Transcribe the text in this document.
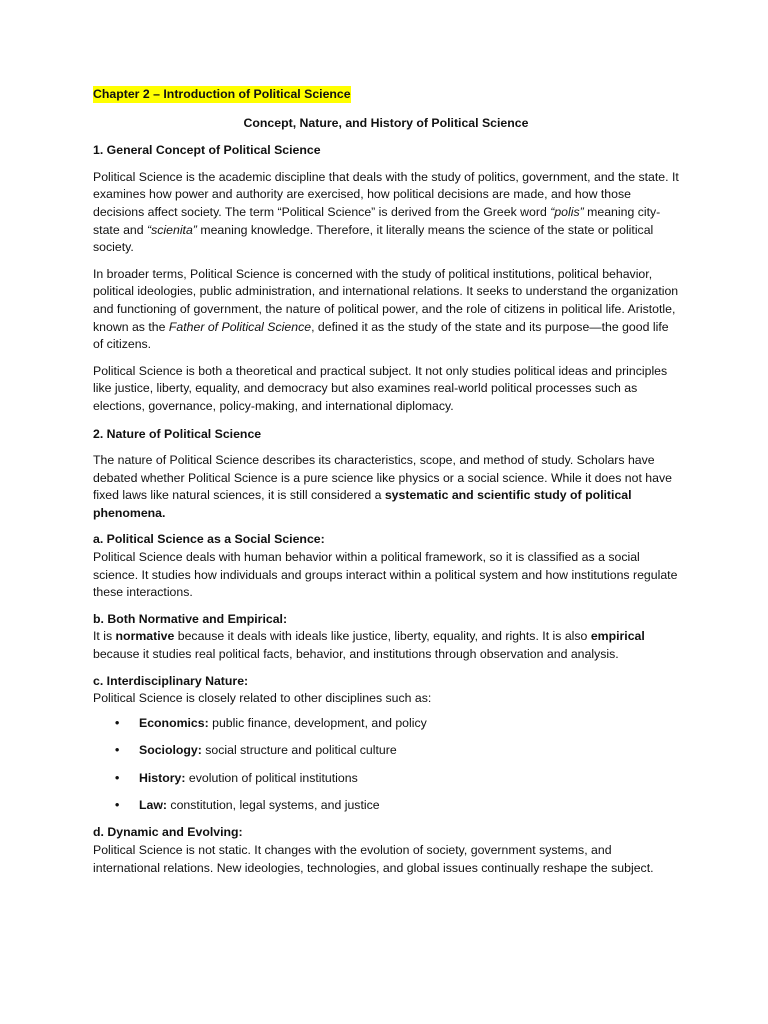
Chapter 2 – Introduction of Political Science
Concept, Nature, and History of Political Science
1. General Concept of Political Science

Political Science is the academic discipline that deals with the study of politics, government, and the state. It examines how power and authority are exercised, how political decisions are made, and how those decisions affect society. The term “Political Science” is derived from the Greek word “polis” meaning city-state and “scienita” meaning knowledge. Therefore, it literally means the science of the state or political society.

In broader terms, Political Science is concerned with the study of political institutions, political behavior, political ideologies, public administration, and international relations. It seeks to understand the organization and functioning of government, the nature of political power, and the role of citizens in political life. Aristotle, known as the Father of Political Science, defined it as the study of the state and its purpose—the good life of citizens.

Political Science is both a theoretical and practical subject. It not only studies political ideas and principles like justice, liberty, equality, and democracy but also examines real-world political processes such as elections, governance, policy-making, and international diplomacy.

2. Nature of Political Science

The nature of Political Science describes its characteristics, scope, and method of study. Scholars have debated whether Political Science is a pure science like physics or a social science. While it does not have fixed laws like natural sciences, it is still considered a systematic and scientific study of political phenomena.

a. Political Science as a Social Science:
Political Science deals with human behavior within a political framework, so it is classified as a social science. It studies how individuals and groups interact within a political system and how institutions regulate these interactions.
b. Both Normative and Empirical:
It is normative because it deals with ideals like justice, liberty, equality, and rights. It is also empirical because it studies real political facts, behavior, and institutions through observation and analysis.
c. Interdisciplinary Nature:
Political Science is closely related to other disciplines such as:
• Economics: public finance, development, and policy
• Sociology: social structure and political culture
• History: evolution of political institutions
• Law: constitution, legal systems, and justice
d. Dynamic and Evolving:
Political Science is not static. It changes with the evolution of society, government systems, and international relations. New ideologies, technologies, and global issues continually reshape the subject.
